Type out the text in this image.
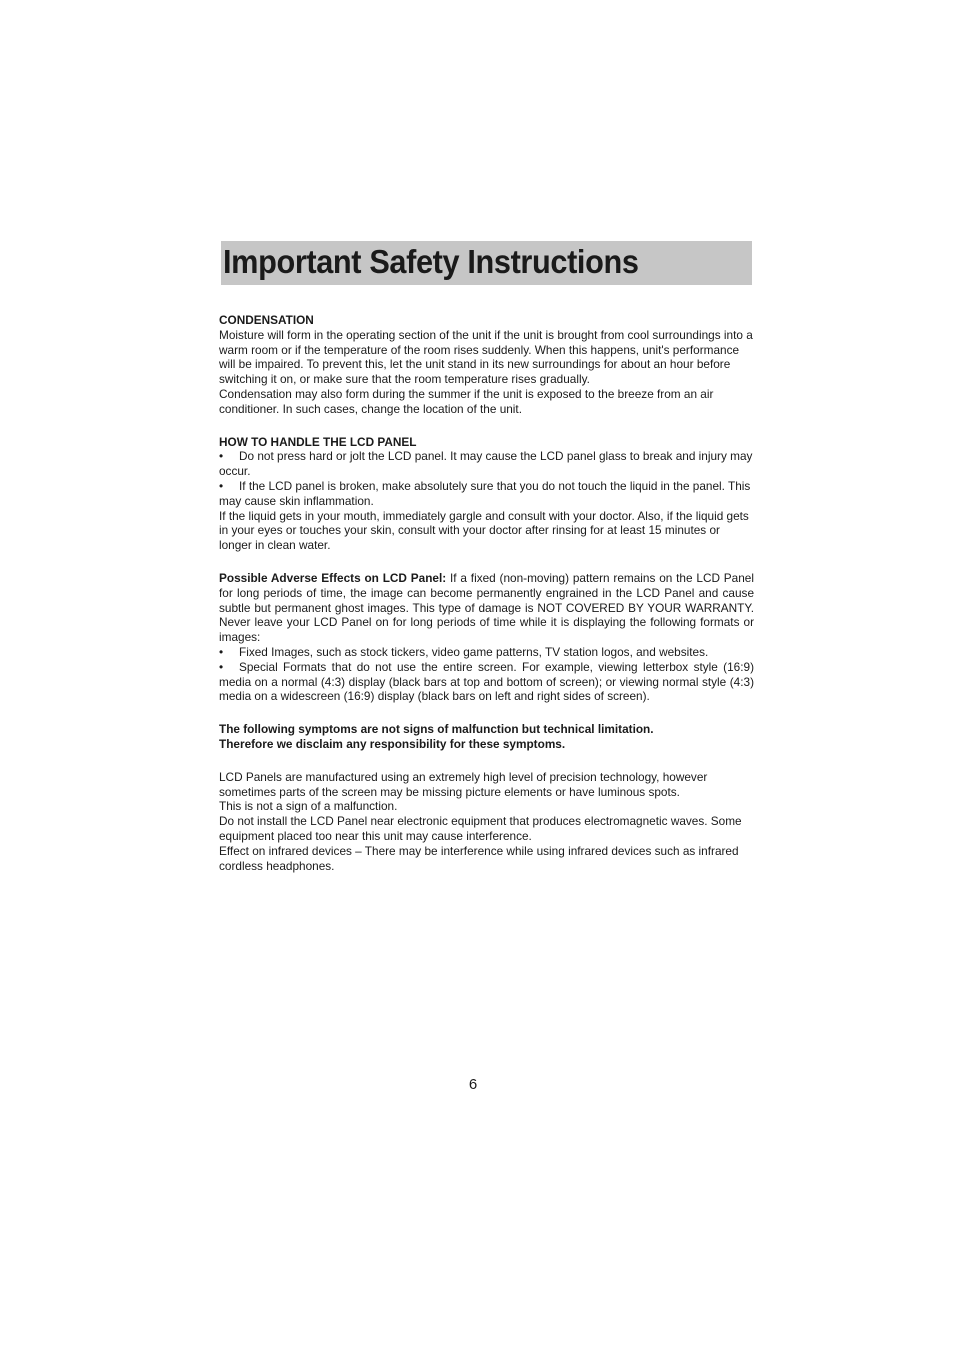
Important Safety Instructions

CONDENSATION

Moisture will form in the operating section of the unit if the unit is brought from cool surroundings into a warm room or if the temperature of the room rises suddenly. When this happens, unit's performance will be impaired. To prevent this, let the unit stand in its new surroundings for about an hour before switching it on, or make sure that the room temperature rises gradually.

Condensation may also form during the summer if the unit is exposed to the breeze from an air conditioner. In such cases, change the location of the unit.

HOW TO HANDLE THE LCD PANEL

• Do not press hard or jolt the LCD panel. It may cause the LCD panel glass to break and injury may occur.

• If the LCD panel is broken, make absolutely sure that you do not touch the liquid in the panel. This may cause skin inflammation.

If the liquid gets in your mouth, immediately gargle and consult with your doctor. Also, if the liquid gets in your eyes or touches your skin, consult with your doctor after rinsing for at least 15 minutes or longer in clean water.

Possible Adverse Effects on LCD Panel: If a fixed (non-moving) pattern remains on the LCD Panel for long periods of time, the image can become permanently engrained in the LCD Panel and cause subtle but permanent ghost images. This type of damage is NOT COVERED BY YOUR WARRANTY. Never leave your LCD Panel on for long periods of time while it is displaying the following formats or images:

• Fixed Images, such as stock tickers, video game patterns, TV station logos, and websites.

• Special Formats that do not use the entire screen. For example, viewing letterbox style (16:9) media on a normal (4:3) display (black bars at top and bottom of screen); or viewing normal style (4:3) media on a widescreen (16:9) display (black bars on left and right sides of screen).

The following symptoms are not signs of malfunction but technical limitation.

Therefore we disclaim any responsibility for these symptoms.

LCD Panels are manufactured using an extremely high level of precision technology, however sometimes parts of the screen may be missing picture elements or have luminous spots.

This is not a sign of a malfunction.

Do not install the LCD Panel near electronic equipment that produces electromagnetic waves. Some equipment placed too near this unit may cause interference.

Effect on infrared devices – There may be interference while using infrared devices such as infrared cordless headphones.

6
